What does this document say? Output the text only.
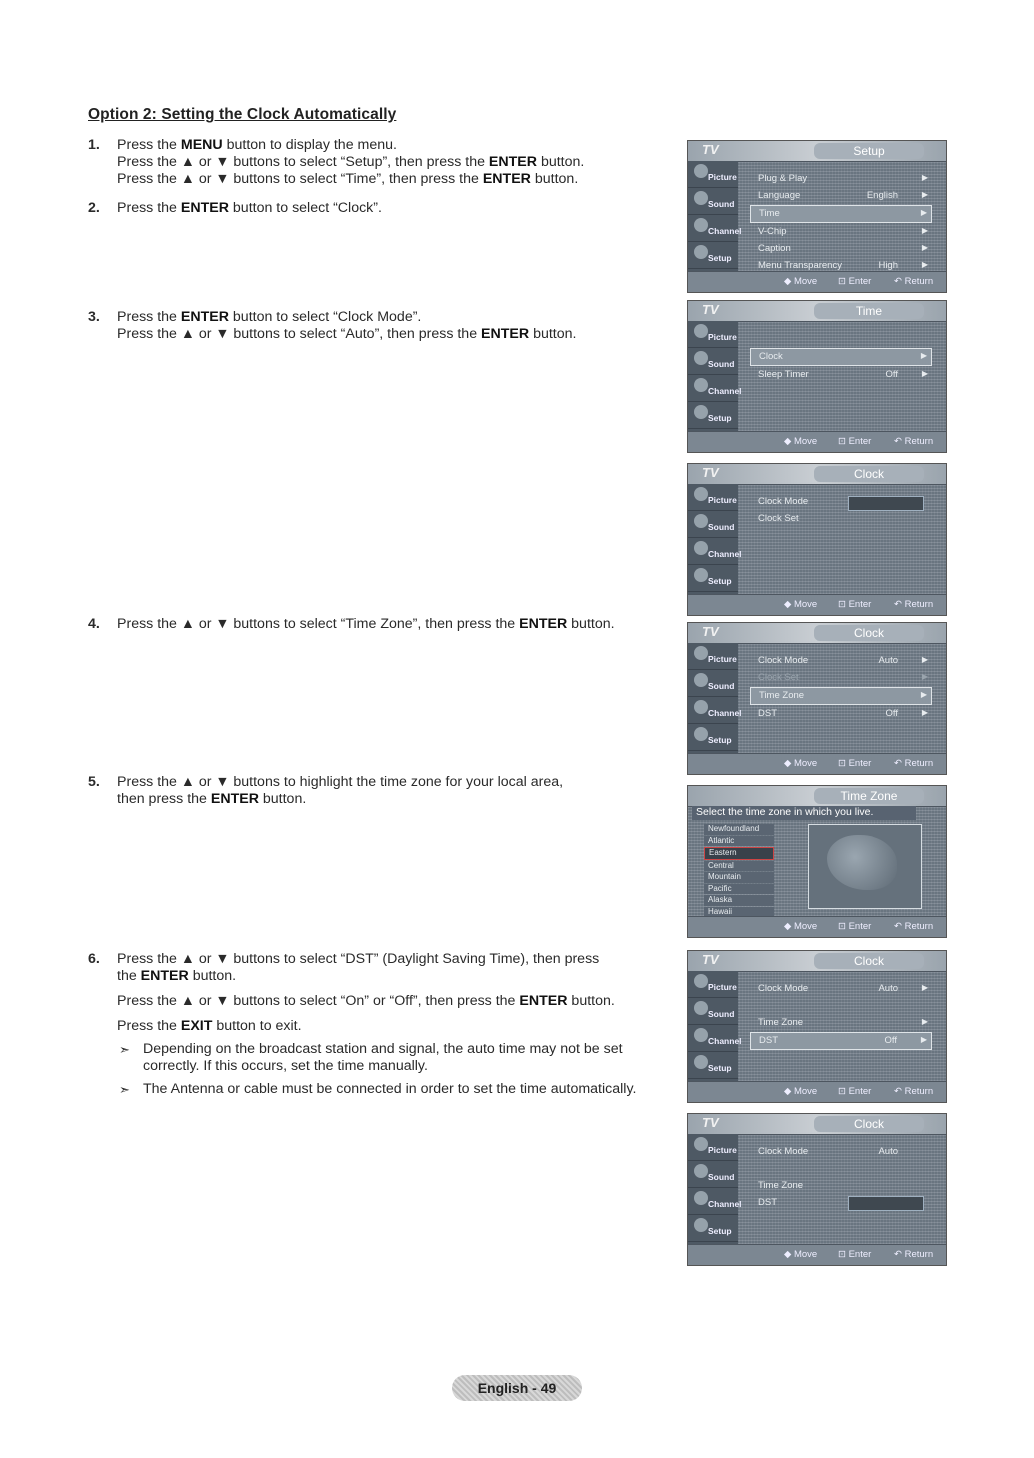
Option 2: Setting the Clock Automatically
1. Press the MENU button to display the menu.

Press the ▲ or ▼ buttons to select “Setup”, then press the ENTER button.

Press the ▲ or ▼ buttons to select “Time”, then press the ENTER button.

2. Press the ENTER button to select “Clock”.

3. Press the ENTER button to select “Clock Mode”.

Press the ▲ or ▼ buttons to select “Auto”, then press the ENTER button.

4. Press the ▲ or ▼ buttons to select “Time Zone”, then press the ENTER button.

5. Press the ▲ or ▼ buttons to highlight the time zone for your local area,

then press the ENTER button.

6. Press the ▲ or ▼ buttons to select “DST” (Daylight Saving Time), then press

the ENTER button.

Press the ▲ or ▼ buttons to select “On” or “Off”, then press the ENTER button.

Press the EXIT button to exit.

➣ Depending on the broadcast station and signal, the auto time may not be set correctly. If this occurs, set the time manually.
➣ The Antenna or cable must be connected in order to set the time automatically.
TV	Setup
Picture
Sound
Channel
Setup
Plug & Play	▶
Language	English	▶
Time	▶
V-Chip	▶
Caption	▶
Menu Transparency	High	▶
◆ Move ⊡ Enter ↶ Return
TV	Time
Picture
Sound
Channel
Setup
Clock	▶
Sleep Timer	Off	▶
◆ Move ⊡ Enter ↶ Return
TV	Clock
Picture
Sound
Channel
Setup
Clock Mode
Clock Set
◆ Move ⊡ Enter ↶ Return
TV	Clock
Picture
Sound
Channel
Setup
Clock Mode	Auto	▶
Clock Set	▶
Time Zone	▶
DST	Off	▶
◆ Move ⊡ Enter ↶ Return
Time Zone
Select the time zone in which you live.
Newfoundland
Atlantic
Eastern
Central
Mountain
Pacific
Alaska
Hawaii
◆ Move ⊡ Enter ↶ Return
TV	Clock
Picture
Sound
Channel
Setup
Clock Mode	Auto	▶
Time Zone	▶
DST	Off	▶
◆ Move ⊡ Enter ↶ Return
TV	Clock
Picture
Sound
Channel
Setup
Clock Mode	Auto
Time Zone
DST
◆ Move ⊡ Enter ↶ Return
English - 49
